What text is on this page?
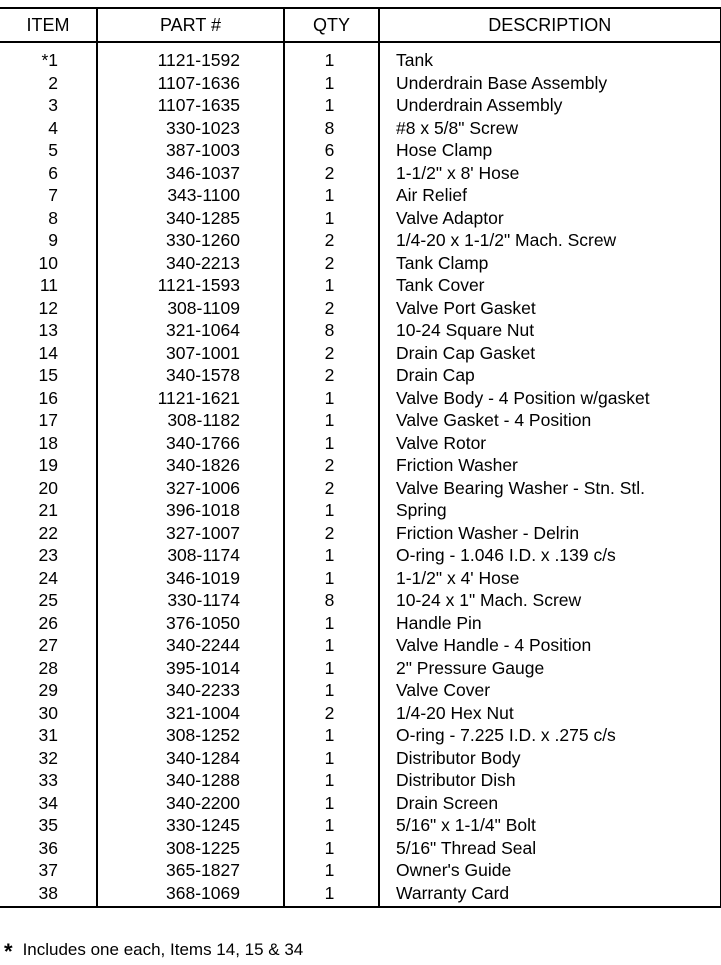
ITEM	PART #	QTY	DESCRIPTION
*1	1121-1592	1	Tank
2	1107-1636	1	Underdrain Base Assembly
3	1107-1635	1	Underdrain Assembly
4	330-1023	8	#8 x 5/8" Screw
5	387-1003	6	Hose Clamp
6	346-1037	2	1-1/2" x 8' Hose
7	343-1100	1	Air Relief
8	340-1285	1	Valve Adaptor
9	330-1260	2	1/4-20 x 1-1/2" Mach. Screw
10	340-2213	2	Tank Clamp
11	1121-1593	1	Tank Cover
12	308-1109	2	Valve Port Gasket
13	321-1064	8	10-24 Square Nut
14	307-1001	2	Drain Cap Gasket
15	340-1578	2	Drain Cap
16	1121-1621	1	Valve Body - 4 Position w/gasket
17	308-1182	1	Valve Gasket - 4 Position
18	340-1766	1	Valve Rotor
19	340-1826	2	Friction Washer
20	327-1006	2	Valve Bearing Washer - Stn. Stl.
21	396-1018	1	Spring
22	327-1007	2	Friction Washer - Delrin
23	308-1174	1	O-ring - 1.046 I.D. x .139 c/s
24	346-1019	1	1-1/2" x 4' Hose
25	330-1174	8	10-24 x 1" Mach. Screw
26	376-1050	1	Handle Pin
27	340-2244	1	Valve Handle - 4 Position
28	395-1014	1	2" Pressure Gauge
29	340-2233	1	Valve Cover
30	321-1004	2	1/4-20 Hex Nut
31	308-1252	1	O-ring - 7.225 I.D. x .275 c/s
32	340-1284	1	Distributor Body
33	340-1288	1	Distributor Dish
34	340-2200	1	Drain Screen
35	330-1245	1	5/16" x 1-1/4" Bolt
36	308-1225	1	5/16" Thread Seal
37	365-1827	1	Owner's Guide
38	368-1069	1	Warranty Card
* Includes one each, Items 14, 15 & 34
